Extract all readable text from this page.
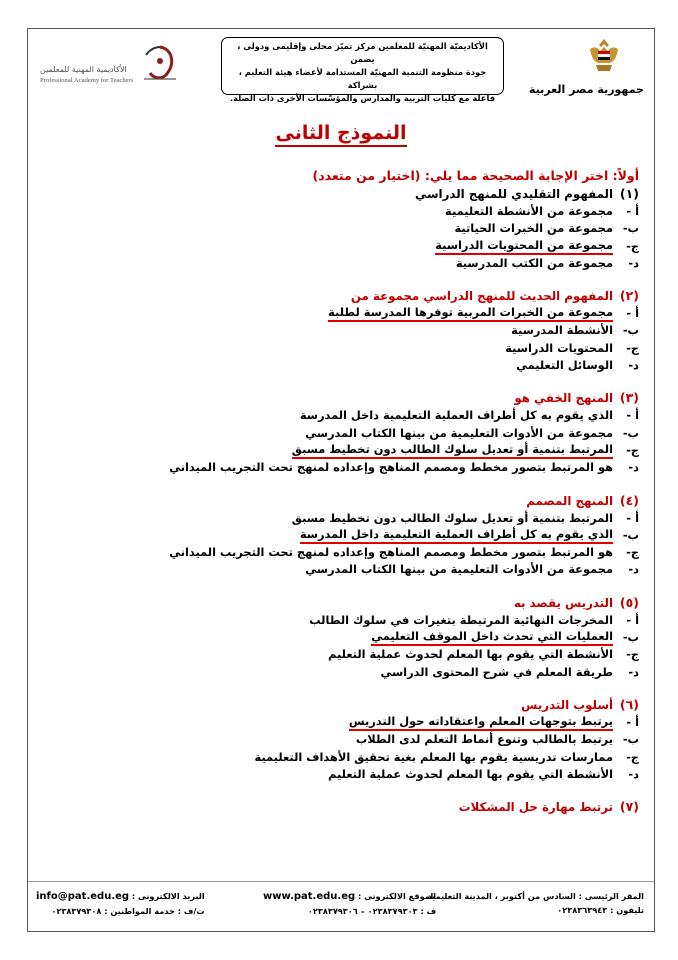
جمهورية مصر العربية
الأكاديميّة المهنيّة للمعلمين مركز تميّز محلى وإقليمى ودولى ، يضمن
جودة منظومة التنمية المهنيّة المستدامة لأعضاء هيئة التعليم ، بشراكة
فاعلة مع كليات التربية والمدارس والمؤسّسات الأخرى ذات الصلة.
الأكاديمية المهنية للمعلمين
Professional Academy for Teachers
النموذج الثانى
أولاً: اختر الإجابة الصحيحة مما يلي: (اختيار من متعدد)
(١)
المفهوم التقليدي للمنهج الدراسي
أ -
مجموعة من الأنشطة التعليمية
ب-
مجموعة من الخبرات الحياتية
ج-
مجموعة من المحتويات الدراسية
د-
مجموعة من الكتب المدرسية
(٢)
المفهوم الحديث للمنهج الدراسي مجموعة من
أ -
مجموعة من الخبرات المربية توفرها المدرسة لطلبة
ب-
الأنشطة المدرسية
ج-
المحتويات الدراسية
د-
الوسائل التعليمي
(٣)
المنهج الخفي هو
أ -
الذي يقوم به كل أطراف العملية التعليمية داخل المدرسة
ب-
مجموعة من الأدوات التعليمية من بينها الكتاب المدرسي
ج-
المرتبط بتنمية أو تعديل سلوك الطالب دون تخطيط مسبق
د-
هو المرتبط بتصور مخطط ومصمم المناهج وإعداده لمنهج تحت التجريب الميداني
(٤)
المنهج المصمم
أ -
المرتبط بتنمية أو تعديل سلوك الطالب دون تخطيط مسبق
ب-
الذي يقوم به كل أطراف العملية التعليمية داخل المدرسة
ج-
هو المرتبط بتصور مخطط ومصمم المناهج وإعداده لمنهج تحت التجريب الميداني
د-
مجموعة من الأدوات التعليمية من بينها الكتاب المدرسي
(٥)
التدريس يقصد به
أ -
المخرجات النهائية المرتبطة بتغيرات في سلوك الطالب
ب-
العمليات التي تحدث داخل الموقف التعليمي
ج-
الأنشطة التي يقوم بها المعلم لحدوث عملية التعليم
د-
طريقة المعلم في شرح المحتوى الدراسي
(٦)
أسلوب التدريس
أ -
يرتبط بتوجهات المعلم واعتقاداته حول التدريس
ب-
يرتبط بالطالب وتنوع أنماط التعلم لدى الطلاب
ج-
ممارسات تدريسية يقوم بها المعلم بغية تحقيق الأهداف التعليمية
د-
الأنشطة التي يقوم بها المعلم لحدوث عملية التعليم
(٧)
ترتبط مهارة حل المشكلات
المقر الرئيسى : السادس من أكتوبر ، المدينة التعليمية
تليفون : ٠٢٣٨٣٦٣٩٤٣
الموقع الالكترونى : www.pat.edu.eg
ف : ٠٢٣٨٣٧٩٣٠٣ – ٠٢٣٨٣٧٩٣٠٦
البريد الالكترونى : info@pat.edu.eg
ت/ف : خدمة المواطنين : ٠٢٣٨٣٧٩٣٠٨
